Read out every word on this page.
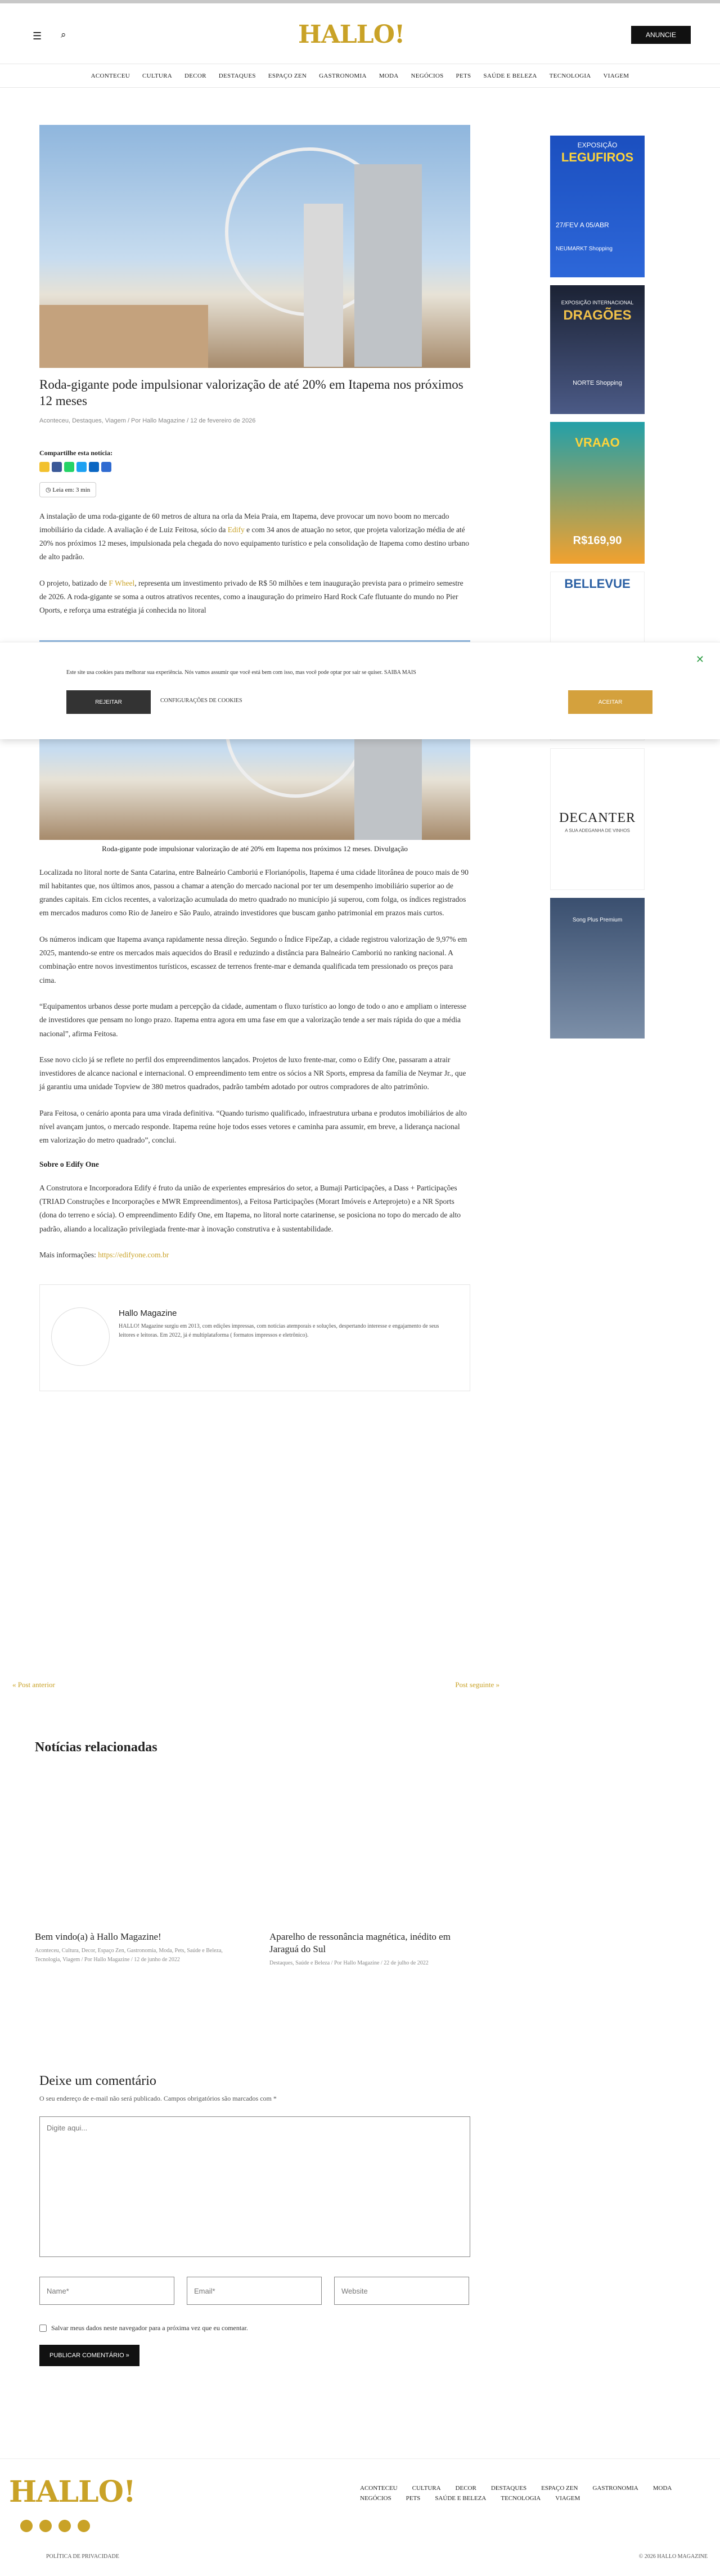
☰ ⌕	HALLO!	ANUNCIE
ACONTECEU CULTURA DECOR DESTAQUES ESPAÇO ZEN GASTRONOMIA MODA NEGÓCIOS PETS SAÚDE E BELEZA TECNOLOGIA VIAGEM
Roda-gigante pode impulsionar valorização de até 20% em Itapema nos próximos 12 meses
Aconteceu, Destaques, Viagem / Por Hallo Magazine / 12 de fevereiro de 2026
Compartilhe esta notícia:
◷ Leia em: 3 min

A instalação de uma roda-gigante de 60 metros de altura na orla da Meia Praia, em Itapema, deve provocar um novo boom no mercado imobiliário da cidade. A avaliação é de Luiz Feitosa, sócio da Edify e com 34 anos de atuação no setor, que projeta valorização média de até 20% nos próximos 12 meses, impulsionada pela chegada do novo equipamento turístico e pela consolidação de Itapema como destino urbano de alto padrão.

O projeto, batizado de F Wheel, representa um investimento privado de R$ 50 milhões e tem inauguração prevista para o primeiro semestre de 2026. A roda-gigante se soma a outros atrativos recentes, como a inauguração do primeiro Hard Rock Cafe flutuante do mundo no Pier Oports, e reforça uma estratégia já conhecida no litoral

Roda-gigante pode impulsionar valorização de até 20% em Itapema nos próximos 12 meses. Divulgação

Localizada no litoral norte de Santa Catarina, entre Balneário Camboriú e Florianópolis, Itapema é uma cidade litorânea de pouco mais de 90 mil habitantes que, nos últimos anos, passou a chamar a atenção do mercado nacional por ter um desempenho imobiliário superior ao de grandes capitais. Em ciclos recentes, a valorização acumulada do metro quadrado no município já superou, com folga, os índices registrados em mercados maduros como Rio de Janeiro e São Paulo, atraindo investidores que buscam ganho patrimonial em prazos mais curtos.

Os números indicam que Itapema avança rapidamente nessa direção. Segundo o Índice FipeZap, a cidade registrou valorização de 9,97% em 2025, mantendo-se entre os mercados mais aquecidos do Brasil e reduzindo a distância para Balneário Camboriú no ranking nacional. A combinação entre novos investimentos turísticos, escassez de terrenos frente-mar e demanda qualificada tem pressionado os preços para cima.

“Equipamentos urbanos desse porte mudam a percepção da cidade, aumentam o fluxo turístico ao longo de todo o ano e ampliam o interesse de investidores que pensam no longo prazo. Itapema entra agora em uma fase em que a valorização tende a ser mais rápida do que a média nacional”, afirma Feitosa.

Esse novo ciclo já se reflete no perfil dos empreendimentos lançados. Projetos de luxo frente-mar, como o Edify One, passaram a atrair investidores de alcance nacional e internacional. O empreendimento tem entre os sócios a NR Sports, empresa da família de Neymar Jr., que já garantiu uma unidade Topview de 380 metros quadrados, padrão também adotado por outros compradores de alto patrimônio.

Para Feitosa, o cenário aponta para uma virada definitiva. “Quando turismo qualificado, infraestrutura urbana e produtos imobiliários de alto nível avançam juntos, o mercado responde. Itapema reúne hoje todos esses vetores e caminha para assumir, em breve, a liderança nacional em valorização do metro quadrado”, conclui.

Sobre o Edify One

A Construtora e Incorporadora Edify é fruto da união de experientes empresários do setor, a Bumaji Participações, a Dass + Participações (TRIAD Construções e Incorporações e MWR Empreendimentos), a Feitosa Participações (Morart Imóveis e Arteprojeto) e a NR Sports (dona do terreno e sócia). O empreendimento Edify One, em Itapema, no litoral norte catarinense, se posiciona no topo do mercado de alto padrão, aliando a localização privilegiada frente-mar à inovação construtiva e à sustentabilidade.

Mais informações: https://edifyone.com.br

Hallo Magazine
HALLO! Magazine surgiu em 2013, com edições impressas, com notícias atemporais e soluções, despertando interesse e engajamento de seus leitores e leitoras. Em 2022, já é multiplataforma ( formatos impressos e eletrônico).
« Post anterior	Post seguinte »
Notícias relacionadas
Bem vindo(a) à Hallo Magazine!
Aconteceu, Cultura, Decor, Espaço Zen, Gastronomia, Moda, Pets, Saúde e Beleza, Tecnologia, Viagem / Por Hallo Magazine / 12 de junho de 2022
Aparelho de ressonância magnética, inédito em Jaraguá do Sul
Destaques, Saúde e Beleza / Por Hallo Magazine / 22 de julho de 2022
Deixe um comentário

O seu endereço de e-mail não será publicado. Campos obrigatórios são marcados com *

Digite aqui...
Name*
Email*
Website
Salvar meus dados neste navegador para a próxima vez que eu comentar.
PUBLICAR COMENTÁRIO »
HALLO!	ACONTECEU CULTURA DECOR DESTAQUES ESPAÇO ZEN GASTRONOMIA MODA
NEGÓCIOS PETS SAÚDE E BELEZA TECNOLOGIA VIAGEM
POLÍTICA DE PRIVACIDADE	© 2026 HALLO MAGAZINE
EXPOSIÇÃO
LEGUFIROS
27/FEV A 05/ABR
NEUMARKT Shopping
EXPOSIÇÃO INTERNACIONAL
DRAGÕES
NORTE Shopping
VRAAO
R$169,90
BELLEVUE
DECANTER
A SUA ADEGANHA DE VINHOS
Song Plus Premium
Este site usa cookies para melhorar sua experiência. Nós vamos assumir que você está bem com isso, mas você pode optar por sair se quiser. SAIBA MAIS
✕
REJEITAR	CONFIGURAÇÕES DE COOKIES	ACEITAR
